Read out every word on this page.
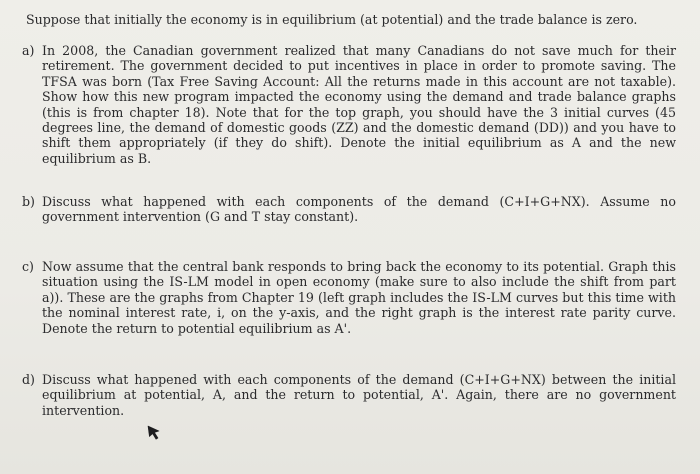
Suppose that initially the economy is in equilibrium (at potential) and the trade balance is zero.

a) In 2008, the Canadian government realized that many Canadians do not save much for their retirement. The government decided to put incentives in place in order to promote saving. The TFSA was born (Tax Free Saving Account: All the returns made in this account are not taxable). Show how this new program impacted the economy using the demand and trade balance graphs (this is from chapter 18). Note that for the top graph, you should have the 3 initial curves (45 degrees line, the demand of domestic goods (ZZ) and the domestic demand (DD)) and you have to shift them appropriately (if they do shift). Denote the initial equilibrium as A and the new equilibrium as B.
b) Discuss what happened with each components of the demand (C+I+G+NX). Assume no government intervention (G and T stay constant).
c) Now assume that the central bank responds to bring back the economy to its potential. Graph this situation using the IS-LM model in open economy (make sure to also include the shift from part a)). These are the graphs from Chapter 19 (left graph includes the IS-LM curves but this time with the nominal interest rate, i, on the y-axis, and the right graph is the interest rate parity curve. Denote the return to potential equilibrium as A'.
d) Discuss what happened with each components of the demand (C+I+G+NX) between the initial equilibrium at potential, A, and the return to potential, A'. Again, there are no government intervention.
